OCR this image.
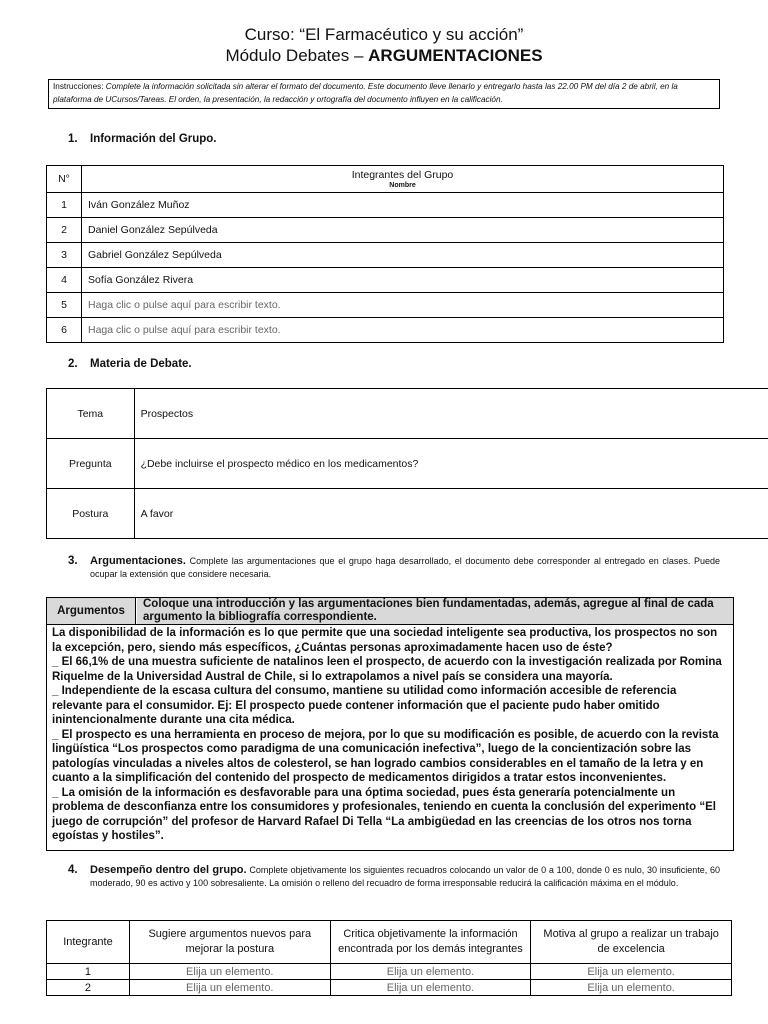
Curso: “El Farmacéutico y su acción”
Módulo Debates – ARGUMENTACIONES
Instrucciones: Complete la información solicitada sin alterar el formato del documento. Este documento lleve llenarlo y entregarlo hasta las 22.00 PM del día 2 de abril, en la plataforma de UCursos/Tareas. El orden, la presentación, la redacción y ortografía del documento influyen en la calificación.
1. Información del Grupo.
N°	Integrantes del Grupo
Nombre

1	Iván González Muñoz
2	Daniel González Sepúlveda
3	Gabriel González Sepúlveda
4	Sofía González Rivera
5	Haga clic o pulse aquí para escribir texto.
6	Haga clic o pulse aquí para escribir texto.
2. Materia de Debate.
Tema	Prospectos
Pregunta	¿Debe incluirse el prospecto médico en los medicamentos?
Postura	A favor
3.	Argumentaciones. Complete las argumentaciones que el grupo haga desarrollado, el documento debe corresponder al entregado en clases. Puede ocupar la extensión que considere necesaria.
Argumentos
Coloque una introducción y las argumentaciones bien fundamentadas, además, agregue al final de cada argumento la bibliografía correspondiente.

La disponibilidad de la información es lo que permite que una sociedad inteligente sea productiva, los prospectos no son la excepción, pero, siendo más específicos, ¿Cuántas personas aproximadamente hacen uso de éste?

_ El 66,1% de una muestra suficiente de natalinos leen el prospecto, de acuerdo con la investigación realizada por Romina Riquelme de la Universidad Austral de Chile, si lo extrapolamos a nivel país se considera una mayoría.

_ Independiente de la escasa cultura del consumo, mantiene su utilidad como información accesible de referencia relevante para el consumidor. Ej: El prospecto puede contener información que el paciente pudo haber omitido inintencionalmente durante una cita médica.

_ El prospecto es una herramienta en proceso de mejora, por lo que su modificación es posible, de acuerdo con la revista lingüística “Los prospectos como paradigma de una comunicación inefectiva”, luego de la concientización sobre las patologías vinculadas a niveles altos de colesterol, se han logrado cambios considerables en el tamaño de la letra y en cuanto a la simplificación del contenido del prospecto de medicamentos dirigidos a tratar estos inconvenientes.

_ La omisión de la información es desfavorable para una óptima sociedad, pues ésta generaría potencialmente un problema de desconfianza entre los consumidores y profesionales, teniendo en cuenta la conclusión del experimento “El juego de corrupción” del profesor de Harvard Rafael Di Tella “La ambigüedad en las creencias de los otros nos torna egoístas y hostiles”.

4.	Desempeño dentro del grupo. Complete objetivamente los siguientes recuadros colocando un valor de 0 a 100, donde 0 es nulo, 30 insuficiente, 60 moderado, 90 es activo y 100 sobresaliente. La omisión o relleno del recuadro de forma irresponsable reducirá la calificación máxima en el módulo.
Integrante	Sugiere argumentos nuevos para mejorar la postura	Critica objetivamente la información encontrada por los demás integrantes	Motiva al grupo a realizar un trabajo de excelencia
1	Elija un elemento.	Elija un elemento.	Elija un elemento.
2	Elija un elemento.	Elija un elemento.	Elija un elemento.
